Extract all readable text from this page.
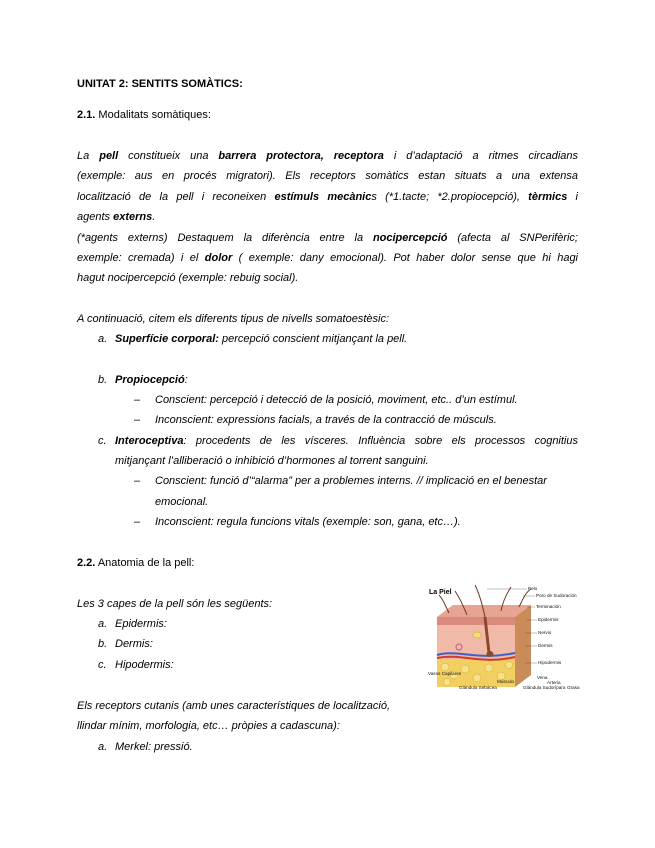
UNITAT 2: SENTITS SOMÀTICS:
2.1. Modalitats somàtiques:
La pell constitueix una barrera protectora, receptora i d’adaptació a ritmes circadians
(exemple: aus en procés migratori). Els receptors somàtics estan situats a una extensa
localització de la pell i reconeixen estímuls mecànics (*1.tacte; *2.propiocepció), tèrmics i
agents externs.
(*agents externs) Destaquem la diferència entre la nocipercepció (afecta al SNPerifèric;
exemple: cremada) i el dolor ( exemple: dany emocional). Pot haber dolor sense que hi hagi
hagut nocipercepció (exemple: rebuig social).
A continuació, citem els diferents tipus de nivells somatoestèsic:
a. Superfície corporal: percepció conscient mitjançant la pell.
b. Propiocepció:
– Conscient: percepció i detecció de la posició, moviment, etc.. d’un estímul.
– Inconscient: expressions facials, a través de la contracció de músculs.
c. Interoceptiva: procedents de les vísceres. Influència sobre els processos cognitius
mitjançant l’alliberació o inhibició d’hormones al torrent sanguini.
– Conscient: funció d’“alarma” per a problemes interns. // implicació en el benestar
emocional.
– Inconscient: regula funcions vitals (exemple: son, gana, etc…).
2.2. Anatomia de la pell:
Les 3 capes de la pell són les següents:
a. Epidermis:
b. Dermis:
c. Hipodermis:
Els receptors cutanis (amb unes característiques de localització,
llindar mínim, morfologia, etc… pròpies a cadascuna):
a. Merkel: pressió.
La Piel
Pelo
Poro de Sudoración
Terminación
Epidermis
Nervio
Dermis
Hipodermis
Vasos Capilares
Glándula Sebácea
Músculo
Vena
Glándula Sudorípara
Arteria
Grasa
